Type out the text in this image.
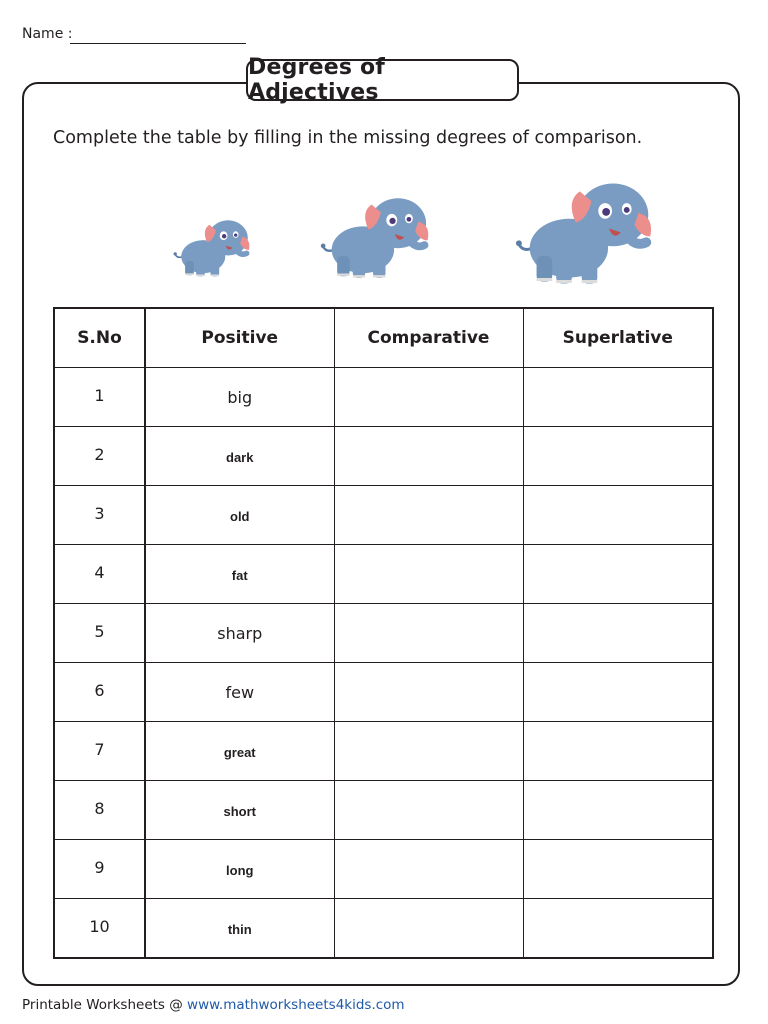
Name :
Degrees of Adjectives
Complete the table by filling in the missing degrees of comparison.
S.No	Positive	Comparative	Superlative
1	big		
2	dark		
3	old		
4	fat		
5	sharp		
6	few		
7	great		
8	short		
9	long		
10	thin		
Printable Worksheets @ www.mathworksheets4kids.com
